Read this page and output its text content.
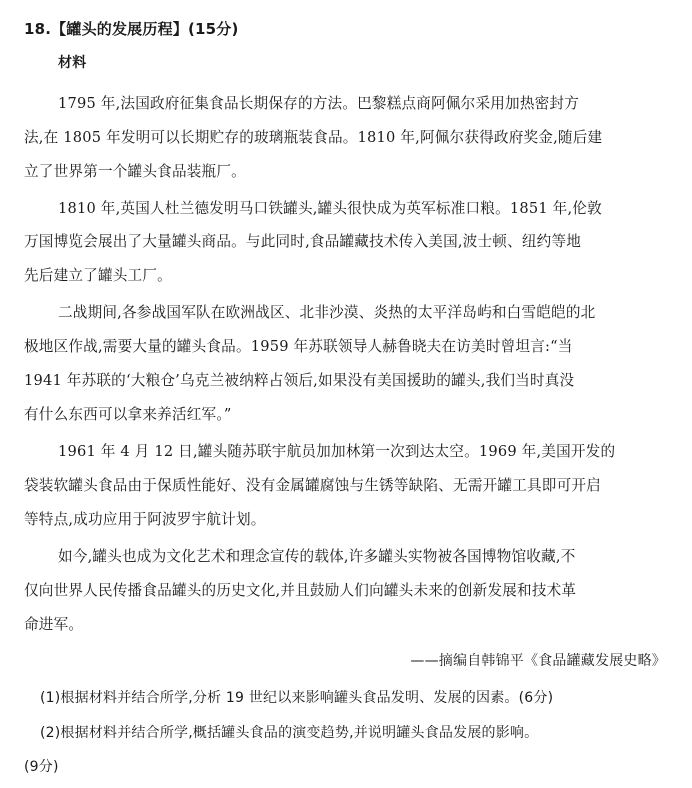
18.【罐头的发展历程】(15分)
材料
1795 年,法国政府征集食品长期保存的方法。巴黎糕点商阿佩尔采用加热密封方
法,在 1805 年发明可以长期贮存的玻璃瓶装食品。1810 年,阿佩尔获得政府奖金,随后建
立了世界第一个罐头食品装瓶厂。
1810 年,英国人杜兰德发明马口铁罐头,罐头很快成为英军标准口粮。1851 年,伦敦
万国博览会展出了大量罐头商品。与此同时,食品罐藏技术传入美国,波士顿、纽约等地
先后建立了罐头工厂。
二战期间,各参战国军队在欧洲战区、北非沙漠、炎热的太平洋岛屿和白雪皑皑的北
极地区作战,需要大量的罐头食品。1959 年苏联领导人赫鲁晓夫在访美时曾坦言:“当
1941 年苏联的‘大粮仓’乌克兰被纳粹占领后,如果没有美国援助的罐头,我们当时真没
有什么东西可以拿来养活红军。”
1961 年 4 月 12 日,罐头随苏联宇航员加加林第一次到达太空。1969 年,美国开发的
袋装软罐头食品由于保质性能好、没有金属罐腐蚀与生锈等缺陷、无需开罐工具即可开启
等特点,成功应用于阿波罗宇航计划。
如今,罐头也成为文化艺术和理念宣传的载体,许多罐头实物被各国博物馆收藏,不
仅向世界人民传播食品罐头的历史文化,并且鼓励人们向罐头未来的创新发展和技术革
命进军。
——摘编自韩锦平《食品罐藏发展史略》
(1)根据材料并结合所学,分析 19 世纪以来影响罐头食品发明、发展的因素。(6分)
(2)根据材料并结合所学,概括罐头食品的演变趋势,并说明罐头食品发展的影响。
(9分)
